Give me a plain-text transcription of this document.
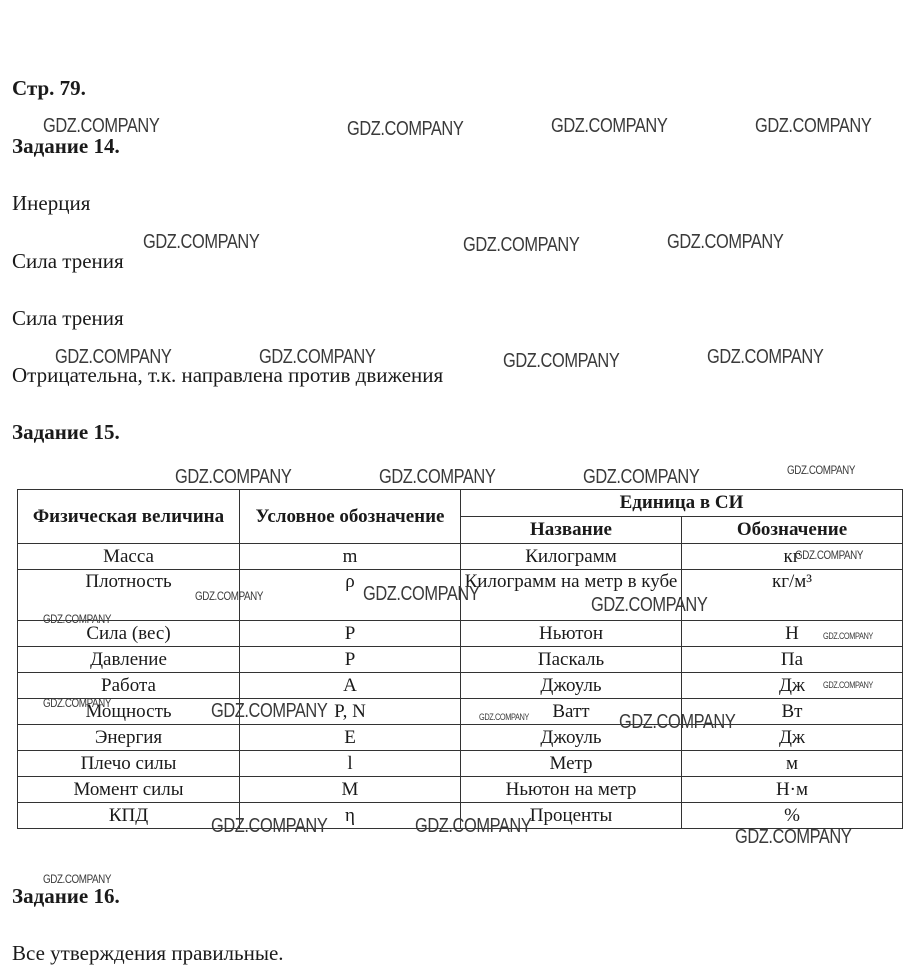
Стр. 79.
Задание 14.
Инерция
Сила трения
Сила трения
Отрицательна, т.к. направлена против движения
Задание 15.
Физическая величина	Условное обозначение	Единица в СИ	
		Название	Обозначение
Масса	m	Килограмм	кг
Плотность	ρ	Килограмм на метр в кубе	кг/м³
Сила (вес)	P	Ньютон	Н
Давление	P	Паскаль	Па
Работа	A	Джоуль	Дж
Мощность	P, N	Ватт	Вт
Энергия	E	Джоуль	Дж
Плечо силы	l	Метр	м
Момент силы	M	Ньютон на метр	Н·м
КПД	η	Проценты	%
Задание 16.
Все утверждения правильные.
GDZ.COMPANY	GDZ.COMPANY	GDZ.COMPANY	GDZ.COMPANY
GDZ.COMPANY	GDZ.COMPANY	GDZ.COMPANY
GDZ.COMPANY	GDZ.COMPANY	GDZ.COMPANY	GDZ.COMPANY
GDZ.COMPANY	GDZ.COMPANY	GDZ.COMPANY	GDZ.COMPANY
GDZ.COMPANY
GDZ.COMPANY	GDZ.COMPANY	GDZ.COMPANY
GDZ.COMPANY
GDZ.COMPANY
GDZ.COMPANY
GDZ.COMPANY	GDZ.COMPANY	GDZ.COMPANY	GDZ.COMPANY
GDZ.COMPANY	GDZ.COMPANY	GDZ.COMPANY
GDZ.COMPANY
